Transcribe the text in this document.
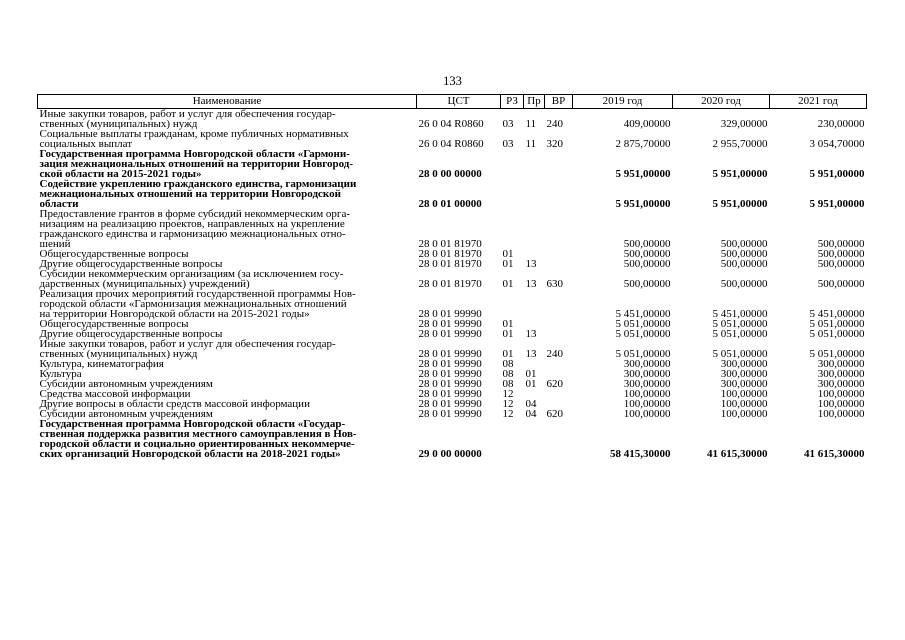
133
Наименование	ЦСТ	РЗ	Пр	ВР	2019 год	2020 год	2021 год

Иные закупки товаров, работ и услуг для обеспечения государ-
ственных (муниципальных) нужд	26 0 04 R0860	03	11	240	409,00000	329,00000	230,00000

Социальные выплаты гражданам, кроме публичных нормативных
социальных выплат	26 0 04 R0860	03	11	320	2 875,70000	2 955,70000	3 054,70000

Государственная программа Новгородской области «Гармони-
зация межнациональных отношений на территории Новгород-
ской области на 2015-2021 годы»	28 0 00 00000				5 951,00000	5 951,00000	5 951,00000

Содействие укреплению гражданского единства, гармонизации
межнациональных отношений на территории Новгородской
области	28 0 01 00000				5 951,00000	5 951,00000	5 951,00000

Предоставление грантов в форме субсидий некоммерческим орга-
низациям на реализацию проектов, направленных на укрепление
гражданского единства и гармонизацию межнациональных отно-
шений	28 0 01 81970				500,00000	500,00000	500,00000

Общегосударственные вопросы	28 0 01 81970	01			500,00000	500,00000	500,00000

Другие общегосударственные вопросы	28 0 01 81970	01	13		500,00000	500,00000	500,00000

Субсидии некоммерческим организациям (за исключением госу-
дарственных (муниципальных) учреждений)	28 0 01 81970	01	13	630	500,00000	500,00000	500,00000

Реализация прочих мероприятий государственной программы Нов-
городской области «Гармонизация межнациональных отношений
на территории Новгородской области на 2015-2021 годы»	28 0 01 99990				5 451,00000	5 451,00000	5 451,00000

Общегосударственные вопросы	28 0 01 99990	01			5 051,00000	5 051,00000	5 051,00000

Другие общегосударственные вопросы	28 0 01 99990	01	13		5 051,00000	5 051,00000	5 051,00000

Иные закупки товаров, работ и услуг для обеспечения государ-
ственных (муниципальных) нужд	28 0 01 99990	01	13	240	5 051,00000	5 051,00000	5 051,00000

Культура, кинематография	28 0 01 99990	08			300,00000	300,00000	300,00000

Культура	28 0 01 99990	08	01		300,00000	300,00000	300,00000

Субсидии автономным учреждениям	28 0 01 99990	08	01	620	300,00000	300,00000	300,00000

Средства массовой информации	28 0 01 99990	12			100,00000	100,00000	100,00000

Другие вопросы в области средств массовой информации	28 0 01 99990	12	04		100,00000	100,00000	100,00000

Субсидии автономным учреждениям	28 0 01 99990	12	04	620	100,00000	100,00000	100,00000

Государственная программа Новгородской области «Государ-
ственная поддержка развития местного самоуправления в Нов-
городской области и социально ориентированных некоммерче-
ских организаций Новгородской области на 2018-2021 годы»	29 0 00 00000				58 415,30000	41 615,30000	41 615,30000
